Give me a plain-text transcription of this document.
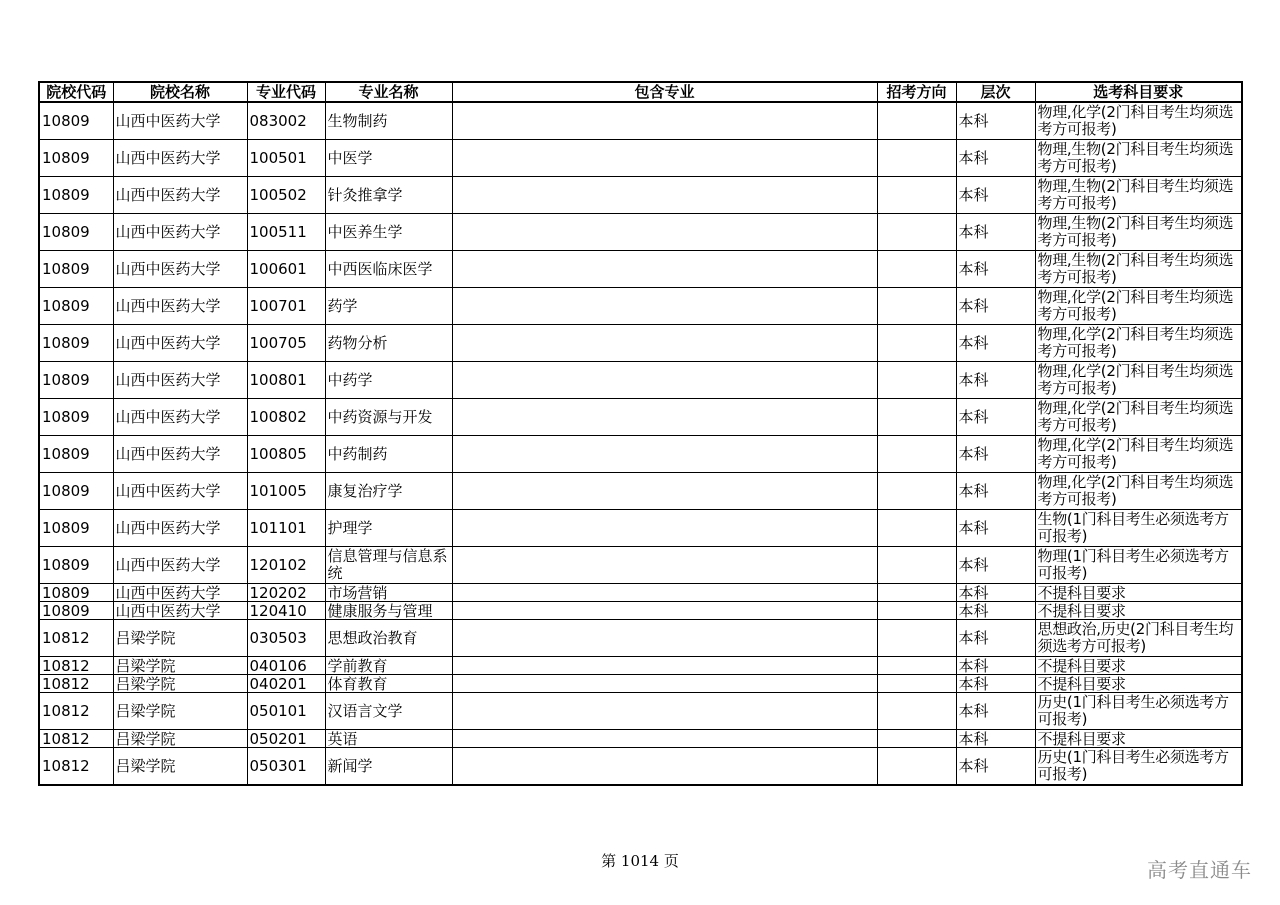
院校代码	院校名称	专业代码	专业名称	包含专业	招考方向	层次	选考科目要求
10809	山西中医药大学	083002	生物制药			本科	物理,化学(2门科目考生均须选考方可报考)
10809	山西中医药大学	100501	中医学			本科	物理,生物(2门科目考生均须选考方可报考)
10809	山西中医药大学	100502	针灸推拿学			本科	物理,生物(2门科目考生均须选考方可报考)
10809	山西中医药大学	100511	中医养生学			本科	物理,生物(2门科目考生均须选考方可报考)
10809	山西中医药大学	100601	中西医临床医学			本科	物理,生物(2门科目考生均须选考方可报考)
10809	山西中医药大学	100701	药学			本科	物理,化学(2门科目考生均须选考方可报考)
10809	山西中医药大学	100705	药物分析			本科	物理,化学(2门科目考生均须选考方可报考)
10809	山西中医药大学	100801	中药学			本科	物理,化学(2门科目考生均须选考方可报考)
10809	山西中医药大学	100802	中药资源与开发			本科	物理,化学(2门科目考生均须选考方可报考)
10809	山西中医药大学	100805	中药制药			本科	物理,化学(2门科目考生均须选考方可报考)
10809	山西中医药大学	101005	康复治疗学			本科	物理,化学(2门科目考生均须选考方可报考)
10809	山西中医药大学	101101	护理学			本科	生物(1门科目考生必须选考方可报考)
10809	山西中医药大学	120102	信息管理与信息系统			本科	物理(1门科目考生必须选考方可报考)
10809	山西中医药大学	120202	市场营销			本科	不提科目要求
10809	山西中医药大学	120410	健康服务与管理			本科	不提科目要求
10812	吕梁学院	030503	思想政治教育			本科	思想政治,历史(2门科目考生均须选考方可报考)
10812	吕梁学院	040106	学前教育			本科	不提科目要求
10812	吕梁学院	040201	体育教育			本科	不提科目要求
10812	吕梁学院	050101	汉语言文学			本科	历史(1门科目考生必须选考方可报考)
10812	吕梁学院	050201	英语			本科	不提科目要求
10812	吕梁学院	050301	新闻学			本科	历史(1门科目考生必须选考方可报考)
第 1014 页	高考直通车
